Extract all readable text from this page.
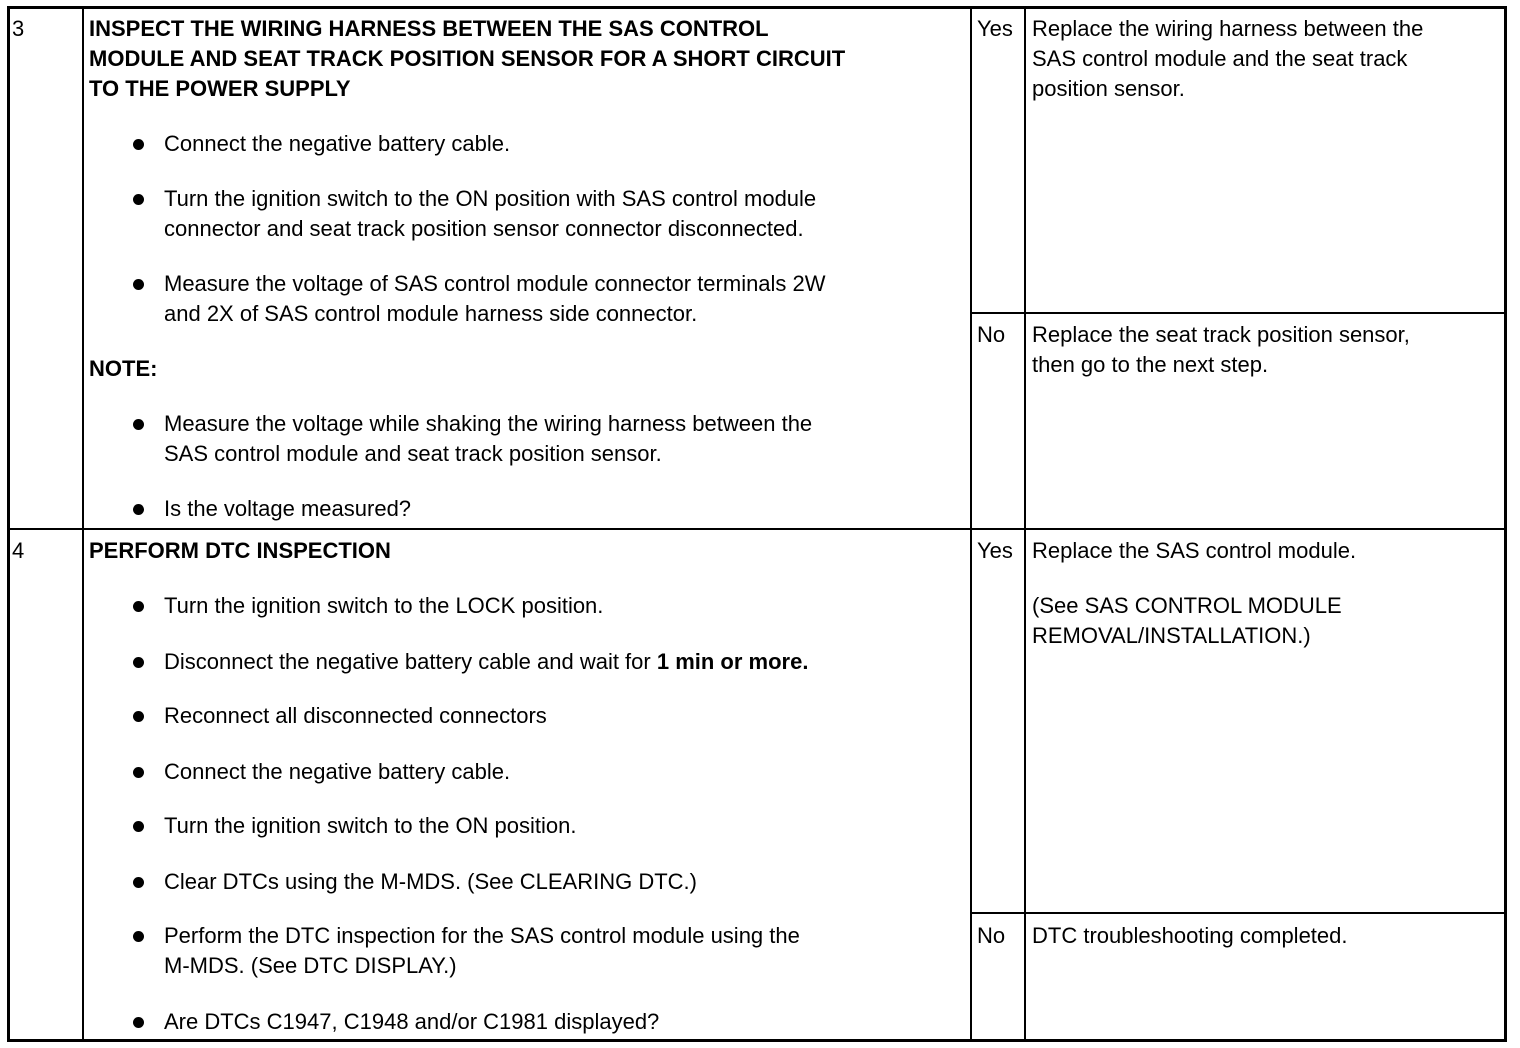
3	INSPECT THE WIRING HARNESS BETWEEN THE SAS CONTROL
MODULE AND SEAT TRACK POSITION SENSOR FOR A SHORT CIRCUIT
TO THE POWER SUPPLY
Connect the negative battery cable.
Turn the ignition switch to the ON position with SAS control module
connector and seat track position sensor connector disconnected.
Measure the voltage of SAS control module connector terminals 2W
and 2X of SAS control module harness side connector.
NOTE:
Measure the voltage while shaking the wiring harness between the
SAS control module and seat track position sensor.
Is the voltage measured?
Yes Replace the wiring harness between the
SAS control module and the seat track
position sensor.
No Replace the seat track position sensor,
then go to the next step.
4	PERFORM DTC INSPECTION
Turn the ignition switch to the LOCK position.
Disconnect the negative battery cable and wait for 1 min or more.
Reconnect all disconnected connectors
Connect the negative battery cable.
Turn the ignition switch to the ON position.
Clear DTCs using the M-MDS. (See CLEARING DTC.)
Perform the DTC inspection for the SAS control module using the
M-MDS. (See DTC DISPLAY.)
Are DTCs C1947, C1948 and/or C1981 displayed?
Yes Replace the SAS control module.
(See SAS CONTROL MODULE
REMOVAL/INSTALLATION.)
No DTC troubleshooting completed.
